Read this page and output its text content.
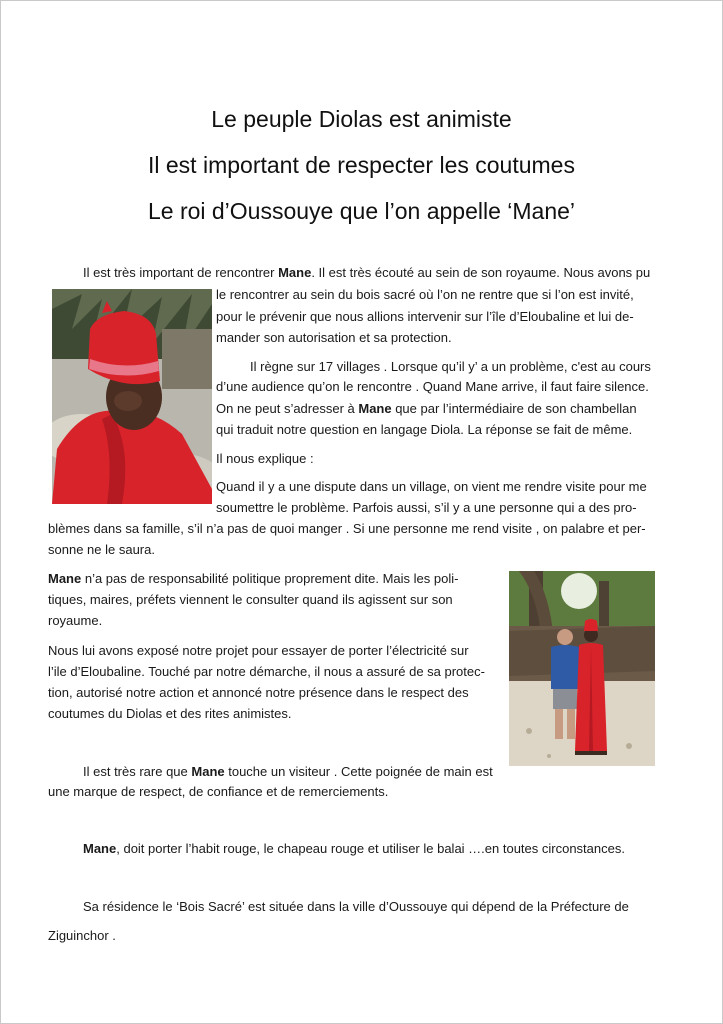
Le peuple Diolas est animiste
Il est important de respecter les coutumes
Le roi d’Oussouye que l’on appelle ‘Mane’

Il est très important de rencontrer Mane. Il est très écouté au sein de son royaume. Nous avons pu

le rencontrer au sein du bois sacré où l’on ne rentre que si l’on est invité,

pour le prévenir que nous allions intervenir sur l’île d’Eloubaline et lui de-

mander son autorisation et sa protection.

Il règne sur 17 villages . Lorsque qu’il y’ a un problème, c'est au cours

d’une audience qu’on le rencontre . Quand Mane arrive, il faut faire silence.

On ne peut s’adresser à Mane que par l’intermédiaire de son chambellan

qui traduit notre question en langage Diola. La réponse se fait de même.

Il nous explique :

Quand il y a une dispute dans un village, on vient me rendre visite pour me

soumettre le problème. Parfois aussi, s’il y a une personne qui a des pro-

blèmes dans sa famille, s’il n’a pas de quoi manger . Si une personne me rend visite , on palabre et per-

sonne ne le saura.

Mane n’a pas de responsabilité politique proprement dite. Mais les poli-

tiques, maires, préfets viennent le consulter quand ils agissent sur son

royaume.

Nous lui avons exposé notre projet pour essayer de porter l’électricité sur

l’ile d’Eloubaline. Touché par notre démarche, il nous a assuré de sa protec-

tion, autorisé notre action et annoncé notre présence dans le respect des

coutumes du Diolas et des rites animistes.

Il est très rare que Mane touche un visiteur . Cette poignée de main est

une marque de respect, de confiance et de remerciements.

Mane, doit porter l’habit rouge, le chapeau rouge et utiliser le balai ….en toutes circonstances.

Sa résidence le ‘Bois Sacré’ est située dans la ville d’Oussouye qui dépend de la Préfecture de

Ziguinchor .
